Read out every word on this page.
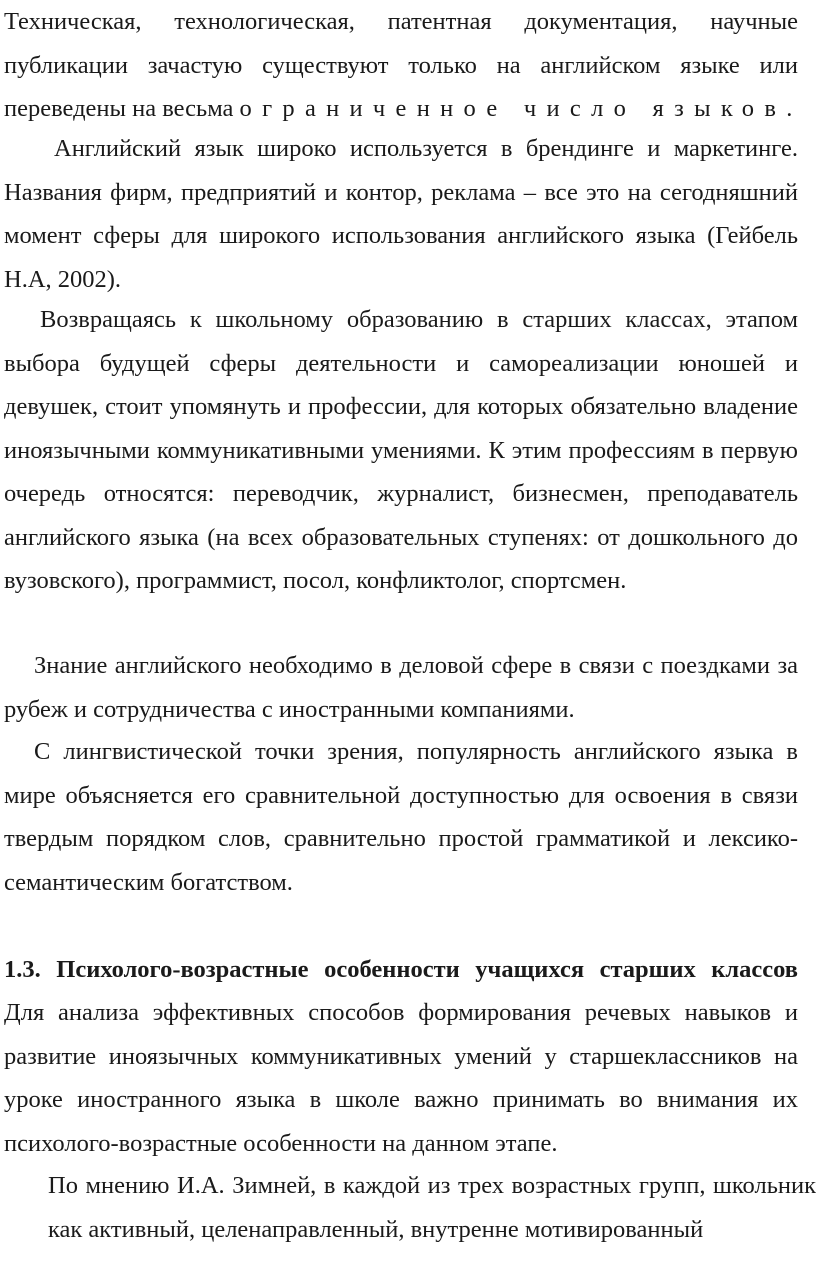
Техническая, технологическая, патентная документация, научные публикации зачастую существуют только на английском языке или переведены на весьма ограниченное число языков.

Английский язык широко используется в брендинге и маркетинге. Названия фирм, предприятий и контор, реклама – все это на сегодняшний момент сферы для широкого использования английского языка (Гейбель Н.А, 2002).

Возвращаясь к школьному образованию в старших классах, этапом выбора будущей сферы деятельности и самореализации юношей и девушек, стоит упомянуть и профессии, для которых обязательно владение иноязычными коммуникативными умениями. К этим профессиям в первую очередь относятся: переводчик, журналист, бизнесмен, преподаватель английского языка (на всех образовательных ступенях: от дошкольного до вузовского), программист, посол, конфликтолог, спортсмен.

Знание английского необходимо в деловой сфере в связи с поездками за рубеж и сотрудничества с иностранными компаниями.

С лингвистической точки зрения, популярность английского языка в мире объясняется его сравнительной доступностью для освоения в связи твердым порядком слов, сравнительно простой грамматикой и лексико-семантическим богатством.

1.3. Психолого-возрастные особенности учащихся старших классов

Для анализа эффективных способов формирования речевых навыков и развитие иноязычных коммуникативных умений у старшеклассников на уроке иностранного языка в школе важно принимать во внимания их психолого-возрастные особенности на данном этапе.

По мнению И.А. Зимней, в каждой из трех возрастных групп, школьник как активный, целенаправленный, внутренне мотивированный
